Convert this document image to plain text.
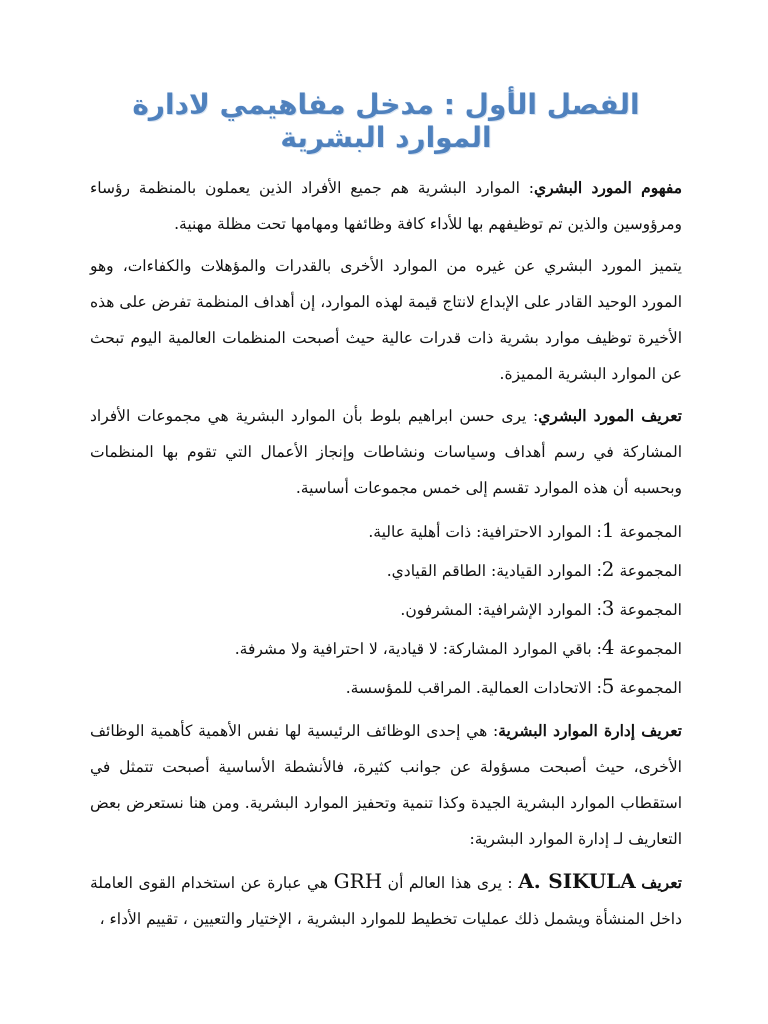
الفصل الأول : مدخل مفاهيمي لادارة الموارد البشرية

مفهوم المورد البشري: الموارد البشرية هم جميع الأفراد الذين يعملون بالمنظمة رؤساء ومرؤوسين والذين تم توظيفهم بها للأداء كافة وظائفها ومهامها تحت مظلة مهنية.

يتميز المورد البشري عن غيره من الموارد الأخرى بالقدرات والمؤهلات والكفاءات، وهو المورد الوحيد القادر على الإبداع لانتاج قيمة لهذه الموارد، إن أهداف المنظمة تفرض على هذه الأخيرة توظيف موارد بشرية ذات قدرات عالية حيث أصبحت المنظمات العالمية اليوم تبحث عن الموارد البشرية المميزة.

تعريف المورد البشري: يرى حسن ابراهيم بلوط بأن الموارد البشرية هي مجموعات الأفراد المشاركة في رسم أهداف وسياسات ونشاطات وإنجاز الأعمال التي تقوم بها المنظمات وبحسبه أن هذه الموارد تقسم إلى خمس مجموعات أساسية.

المجموعة 1: الموارد الاحترافية: ذات أهلية عالية.

المجموعة 2: الموارد القيادية: الطاقم القيادي.

المجموعة 3: الموارد الإشرافية: المشرفون.

المجموعة 4: باقي الموارد المشاركة: لا قيادية، لا احترافية ولا مشرفة.

المجموعة 5: الاتحادات العمالية. المراقب للمؤسسة.

تعريف إدارة الموارد البشرية: هي إحدى الوظائف الرئيسية لها نفس الأهمية كأهمية الوظائف الأخرى، حيث أصبحت مسؤولة عن جوانب كثيرة، فالأنشطة الأساسية أصبحت تتمثل في استقطاب الموارد البشرية الجيدة وكذا تنمية وتحفيز الموارد البشرية. ومن هنا نستعرض بعض التعاريف لـ إدارة الموارد البشرية:

تعريف A. SIKULA : يرى هذا العالم أن GRH هي عبارة عن استخدام القوى العاملة داخل المنشأة ويشمل ذلك عمليات تخطيط للموارد البشرية ، الإختيار والتعيين ، تقييم الأداء ،
